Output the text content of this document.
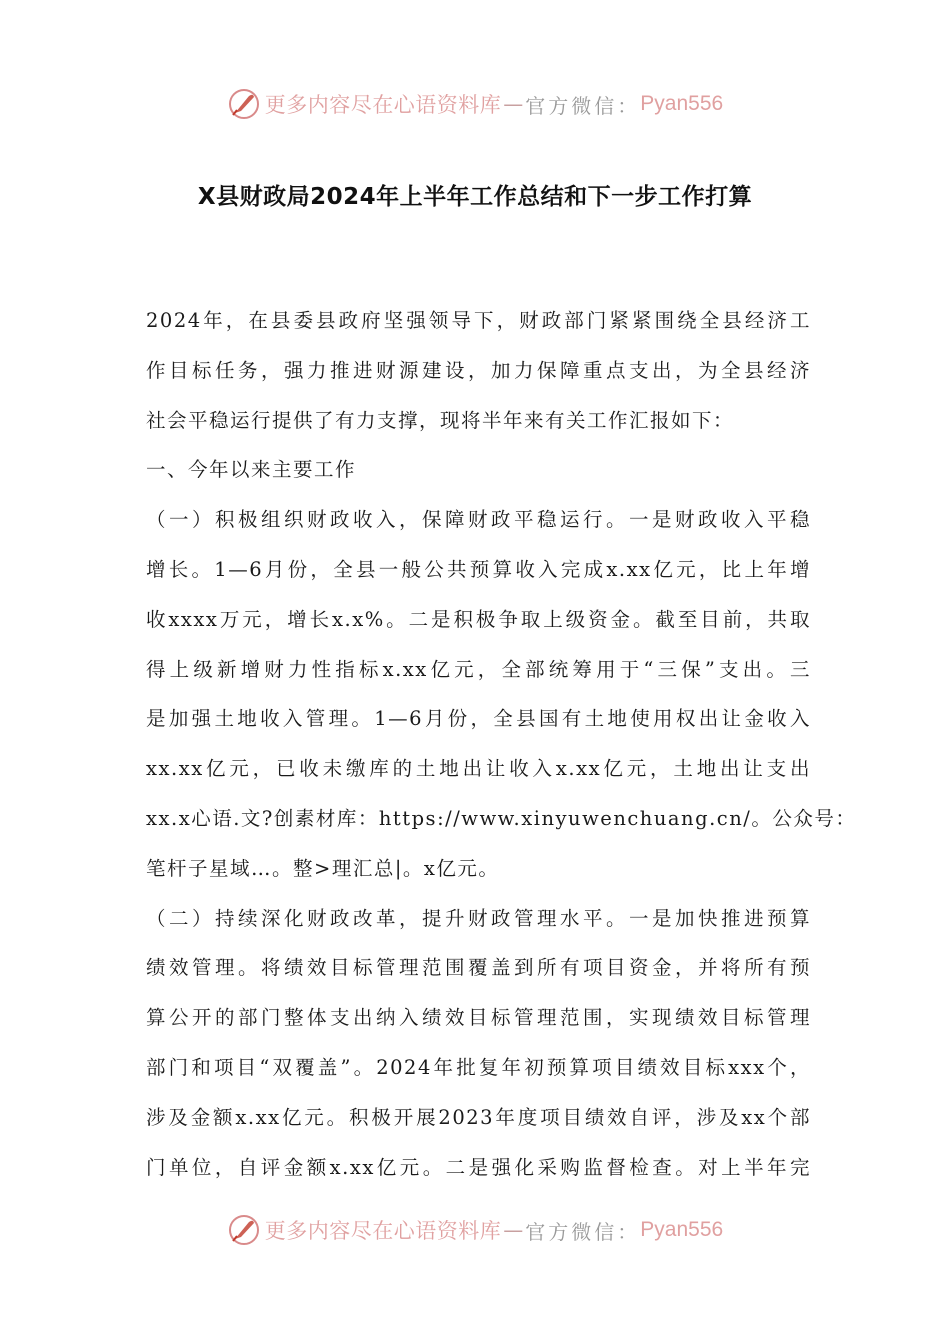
更多内容尽在心语资料库 — 官方微信： Pyan556
X县财政局2024年上半年工作总结和下一步工作打算
2024年，在县委县政府坚强领导下，财政部门紧紧围绕全县经济工
作目标任务，强力推进财源建设，加力保障重点支出，为全县经济
社会平稳运行提供了有力支撑，现将半年来有关工作汇报如下：
一、今年以来主要工作
（一）积极组织财政收入，保障财政平稳运行。一是财政收入平稳
增长。1—6月份，全县一般公共预算收入完成x.xx亿元，比上年增
收xxxx万元，增长x.x%。二是积极争取上级资金。截至目前，共取
得上级新增财力性指标x.xx亿元，全部统筹用于“三保”支出。三
是加强土地收入管理。1—6月份，全县国有土地使用权出让金收入
xx.xx亿元，已收未缴库的土地出让收入x.xx亿元，土地出让支出
xx.x心语.文?创素材库：https://www.xinyuwenchuang.cn/。公众号：
笔杆子星域…。整>理汇总|。x亿元。
（二）持续深化财政改革，提升财政管理水平。一是加快推进预算
绩效管理。将绩效目标管理范围覆盖到所有项目资金，并将所有预
算公开的部门整体支出纳入绩效目标管理范围，实现绩效目标管理
部门和项目“双覆盖”。2024年批复年初预算项目绩效目标xxx个，
涉及金额x.xx亿元。积极开展2023年度项目绩效自评，涉及xx个部
门单位，自评金额x.xx亿元。二是强化采购监督检查。对上半年完
更多内容尽在心语资料库 — 官方微信： Pyan556
